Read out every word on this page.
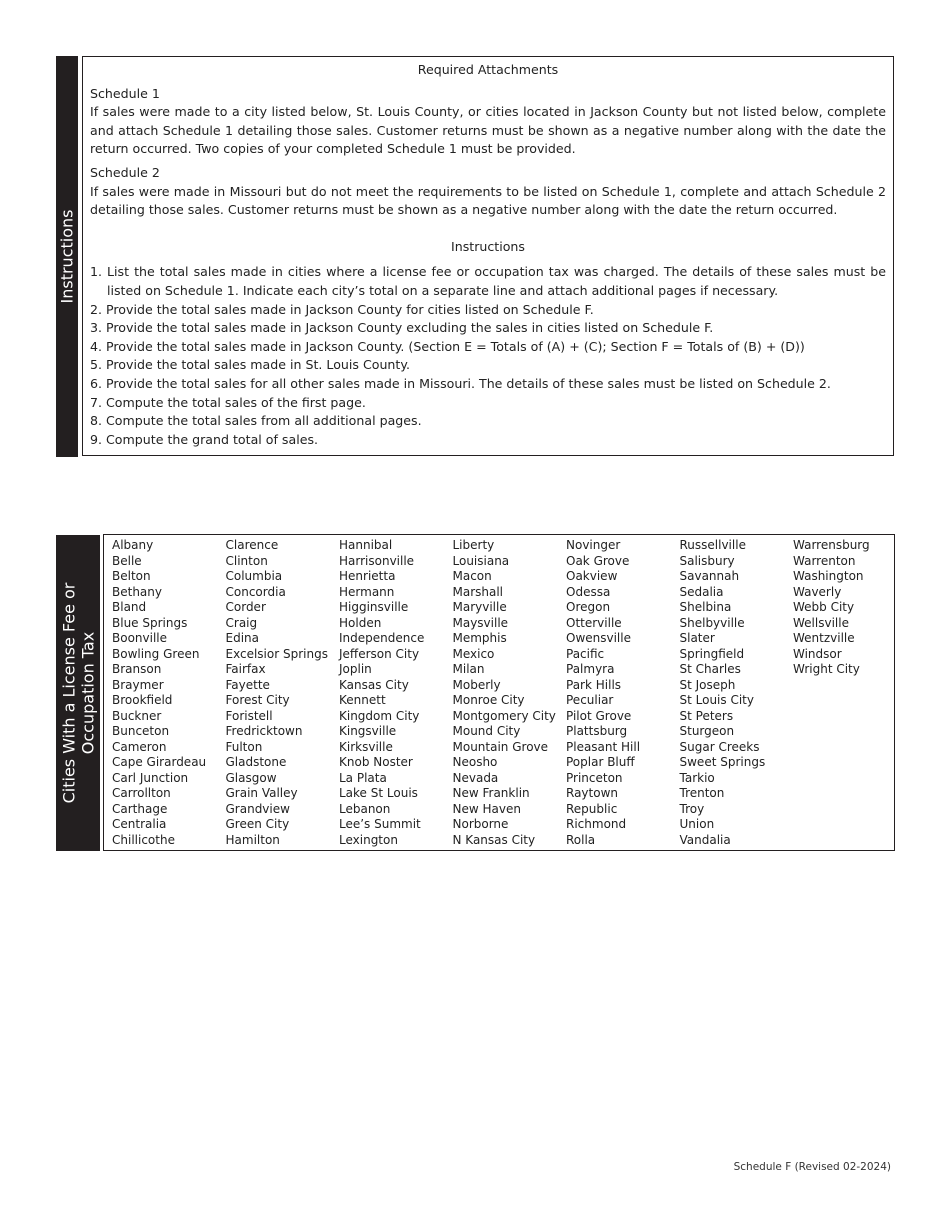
Instructions
Required Attachments
Schedule 1

If sales were made to a city listed below, St. Louis County, or cities located in Jackson County but not listed below, complete and attach Schedule 1 detailing those sales. Customer returns must be shown as a negative number along with the date the return occurred. Two copies of your completed Schedule 1 must be provided.

Schedule 2

If sales were made in Missouri but do not meet the requirements to be listed on Schedule 1, complete and attach Schedule 2 detailing those sales. Customer returns must be shown as a negative number along with the date the return occurred.

Instructions
1. List the total sales made in cities where a license fee or occupation tax was charged. The details of these sales must be listed on Schedule 1. Indicate each city’s total on a separate line and attach additional pages if necessary.
2. Provide the total sales made in Jackson County for cities listed on Schedule F.
3. Provide the total sales made in Jackson County excluding the sales in cities listed on Schedule F.
4. Provide the total sales made in Jackson County. (Section E = Totals of (A) + (C); Section F = Totals of (B) + (D))
5. Provide the total sales made in St. Louis County.
6. Provide the total sales for all other sales made in Missouri. The details of these sales must be listed on Schedule 2.
7. Compute the total sales of the first page.
8. Compute the total sales from all additional pages.
9. Compute the grand total of sales.
Cities With a License Fee or Occupation Tax
Albany
Belle
Belton
Bethany
Bland
Blue Springs
Boonville
Bowling Green
Branson
Braymer
Brookfield
Buckner
Bunceton
Cameron
Cape Girardeau
Carl Junction
Carrollton
Carthage
Centralia
Chillicothe
Clarence
Clinton
Columbia
Concordia
Corder
Craig
Edina
Excelsior Springs
Fairfax
Fayette
Forest City
Foristell
Fredricktown
Fulton
Gladstone
Glasgow
Grain Valley
Grandview
Green City
Hamilton
Hannibal
Harrisonville
Henrietta
Hermann
Higginsville
Holden
Independence
Jefferson City
Joplin
Kansas City
Kennett
Kingdom City
Kingsville
Kirksville
Knob Noster
La Plata
Lake St Louis
Lebanon
Lee’s Summit
Lexington
Liberty
Louisiana
Macon
Marshall
Maryville
Maysville
Memphis
Mexico
Milan
Moberly
Monroe City
Montgomery City
Mound City
Mountain Grove
Neosho
Nevada
New Franklin
New Haven
Norborne
N Kansas City
Novinger
Oak Grove
Oakview
Odessa
Oregon
Otterville
Owensville
Pacific
Palmyra
Park Hills
Peculiar
Pilot Grove
Plattsburg
Pleasant Hill
Poplar Bluff
Princeton
Raytown
Republic
Richmond
Rolla
Russellville
Salisbury
Savannah
Sedalia
Shelbina
Shelbyville
Slater
Springfield
St Charles
St Joseph
St Louis City
St Peters
Sturgeon
Sugar Creeks
Sweet Springs
Tarkio
Trenton
Troy
Union
Vandalia
Warrensburg
Warrenton
Washington
Waverly
Webb City
Wellsville
Wentzville
Windsor
Wright City
Schedule F (Revised 02-2024)
